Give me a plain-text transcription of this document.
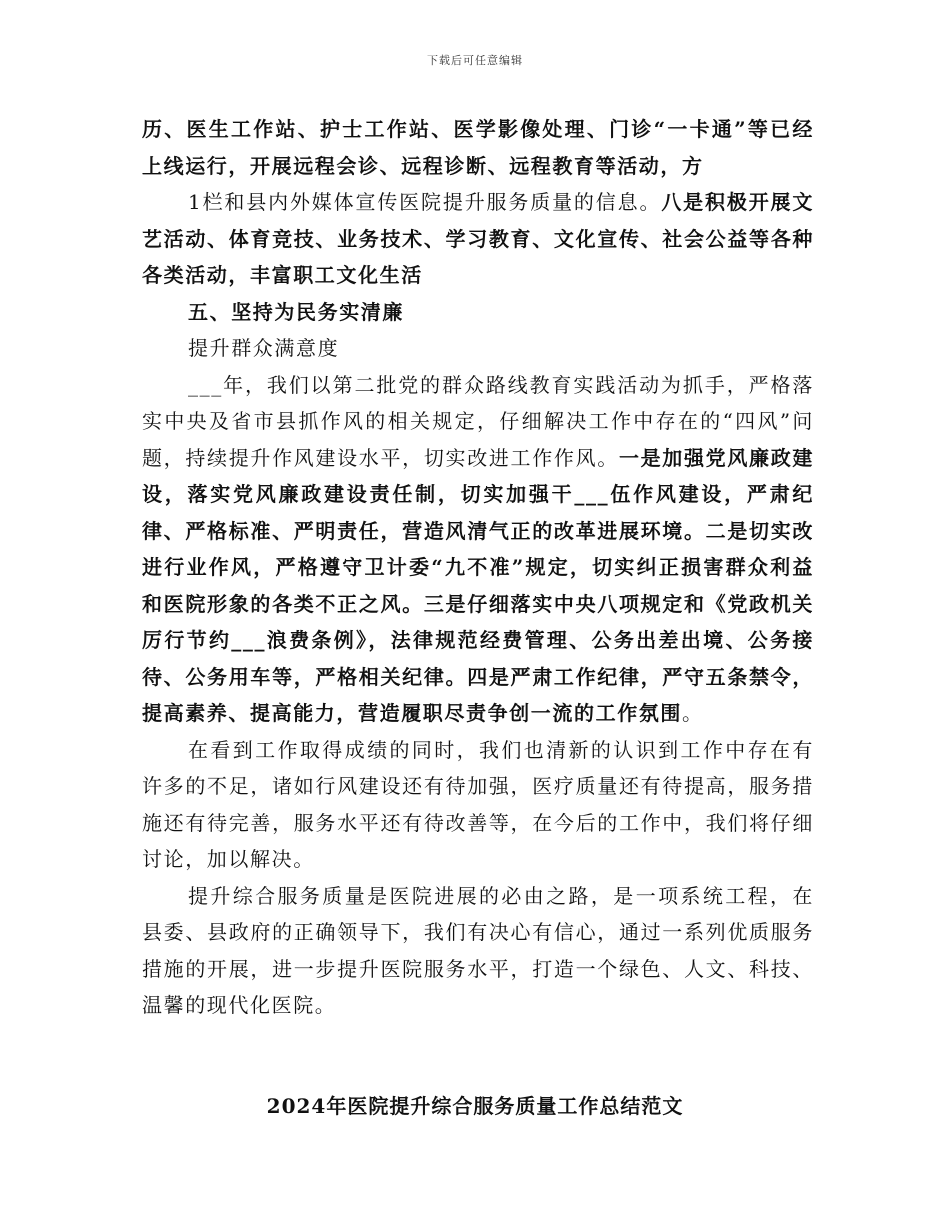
下载后可任意编辑

历、医生工作站、护士工作站、医学影像处理、门诊“一卡通”等已经上线运行，开展远程会诊、远程诊断、远程教育等活动，方

1栏和县内外媒体宣传医院提升服务质量的信息。八是积极开展文艺活动、体育竞技、业务技术、学习教育、文化宣传、社会公益等各种各类活动，丰富职工文化生活

五、坚持为民务实清廉

提升群众满意度

___年，我们以第二批党的群众路线教育实践活动为抓手，严格落实中央及省市县抓作风的相关规定，仔细解决工作中存在的“四风”问题，持续提升作风建设水平，切实改进工作作风。一是加强党风廉政建设，落实党风廉政建设责任制，切实加强干___伍作风建设，严肃纪律、严格标准、严明责任，营造风清气正的改革进展环境。二是切实改进行业作风，严格遵守卫计委“九不准”规定，切实纠正损害群众利益和医院形象的各类不正之风。三是仔细落实中央八项规定和《党政机关厉行节约___浪费条例》，法律规范经费管理、公务出差出境、公务接待、公务用车等，严格相关纪律。四是严肃工作纪律，严守五条禁令，提高素养、提高能力，营造履职尽责争创一流的工作氛围。

在看到工作取得成绩的同时，我们也清新的认识到工作中存在有许多的不足，诸如行风建设还有待加强，医疗质量还有待提高，服务措施还有待完善，服务水平还有待改善等，在今后的工作中，我们将仔细讨论，加以解决。

提升综合服务质量是医院进展的必由之路，是一项系统工程，在县委、县政府的正确领导下，我们有决心有信心，通过一系列优质服务措施的开展，进一步提升医院服务水平，打造一个绿色、人文、科技、温馨的现代化医院。

2024年医院提升综合服务质量工作总结范文
